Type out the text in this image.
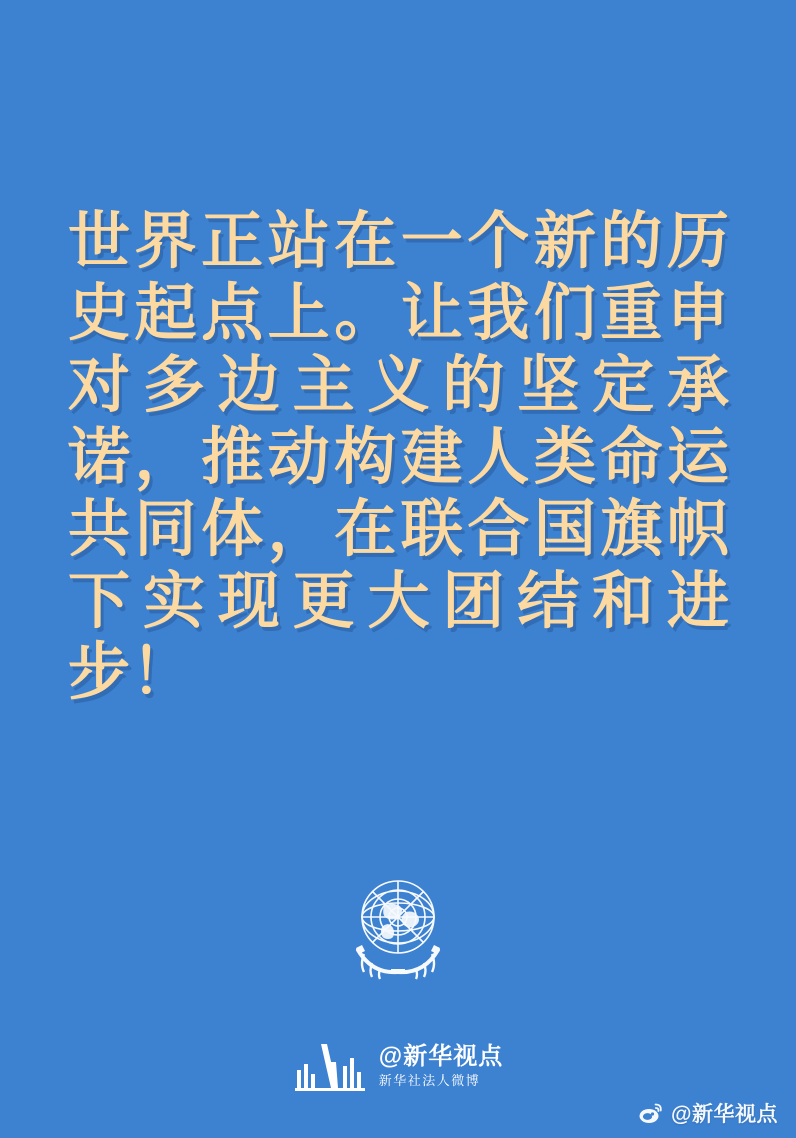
世界正站在一个新的历史起点上。让我们重申对多边主义的坚定承诺，推动构建人类命运共同体，在联合国旗帜下实现更大团结和进步！
@新华视点
新华社法人微博
@新华视点
